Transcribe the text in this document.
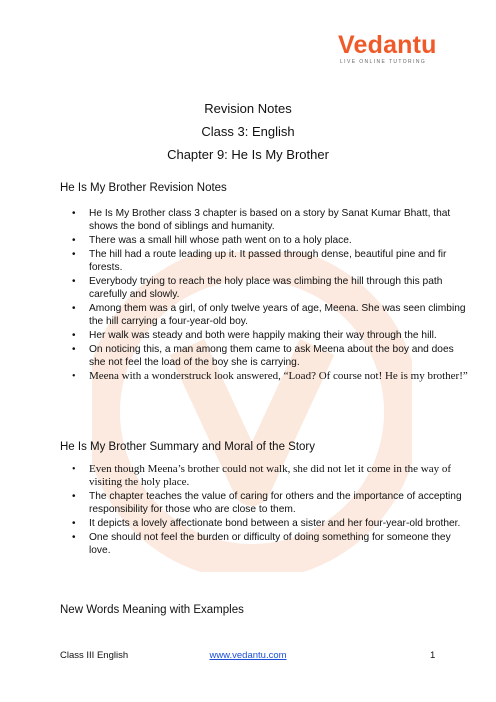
Vedantu
LIVE ONLINE TUTORING
Revision Notes
Class 3: English
Chapter 9: He Is My Brother
He Is My Brother Revision Notes
• He Is My Brother class 3 chapter is based on a story by Sanat Kumar Bhatt, that shows the bond of siblings and humanity.
• There was a small hill whose path went on to a holy place.
• The hill had a route leading up it. It passed through dense, beautiful pine and fir forests.
• Everybody trying to reach the holy place was climbing the hill through this path carefully and slowly.
• Among them was a girl, of only twelve years of age, Meena. She was seen climbing the hill carrying a four-year-old boy.
• Her walk was steady and both were happily making their way through the hill.
• On noticing this, a man among them came to ask Meena about the boy and does she not feel the load of the boy she is carrying.
• Meena with a wonderstruck look answered, “Load? Of course not! He is my brother!”
He Is My Brother Summary and Moral of the Story
• Even though Meena’s brother could not walk, she did not let it come in the way of visiting the holy place.
• The chapter teaches the value of caring for others and the importance of accepting responsibility for those who are close to them.
• It depicts a lovely affectionate bond between a sister and her four-year-old brother.
• One should not feel the burden or difficulty of doing something for someone they love.
New Words Meaning with Examples
Class III English	www.vedantu.com	1
